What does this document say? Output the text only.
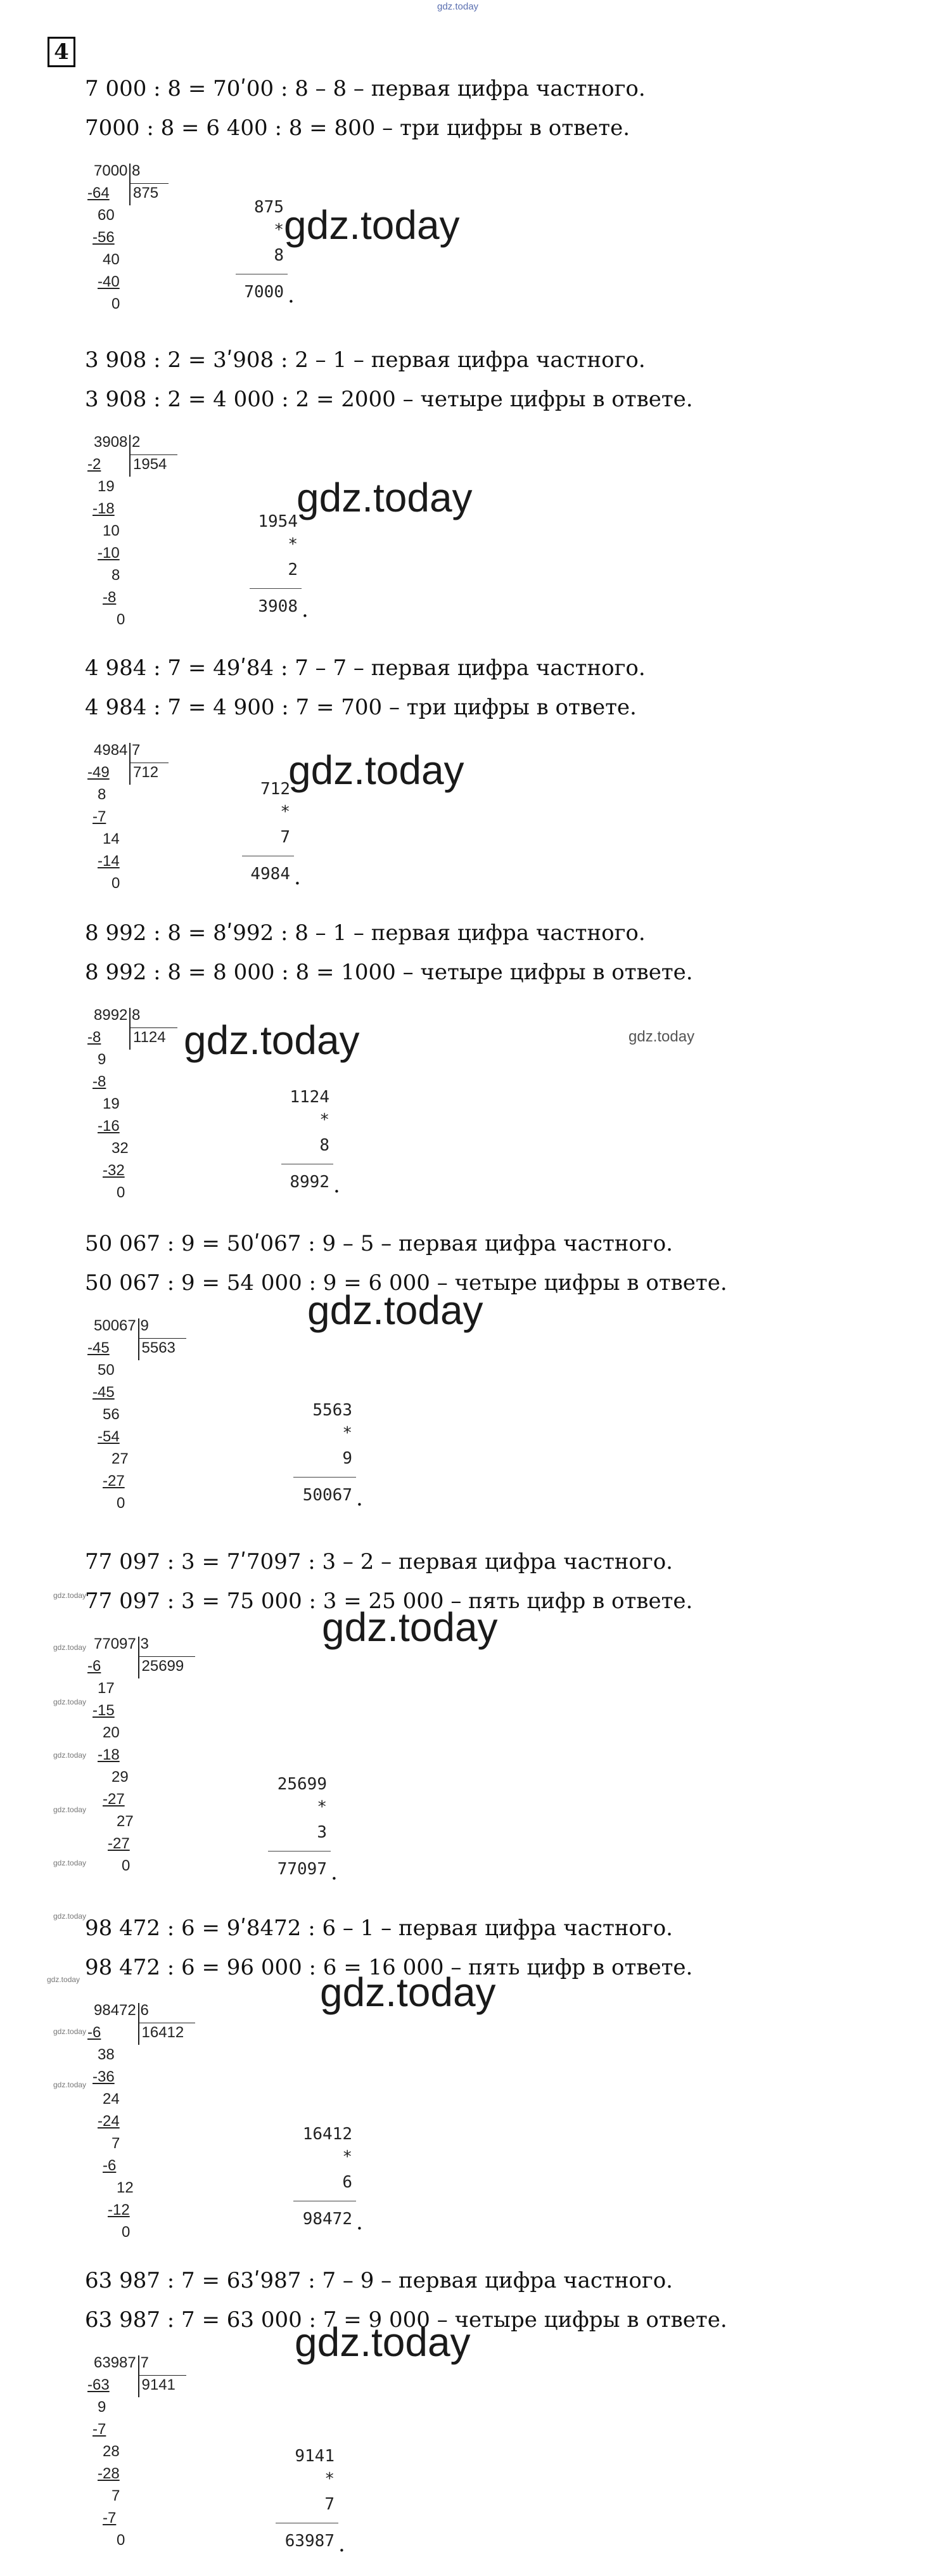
gdz.today
4
7 000 : 8 = 70ʹ00 : 8 – 8 – первая цифра частного.
7000 : 8 = 6 400 : 8 = 800 – три цифры в ответе.
7000 8
875
-64
60
-56
40
-40
0
875
*
8
7000 .
gdz.today
3 908 : 2 = 3ʹ908 : 2 – 1 – первая цифра частного.
3 908 : 2 = 4 000 : 2 = 2000 – четыре цифры в ответе.
3908 2
1954
-2
19
-18
10
-10
8
-8
0
1954
*
2
3908 .
gdz.today
4 984 : 7 = 49ʹ84 : 7 – 7 – первая цифра частного.
4 984 : 7 = 4 900 : 7 = 700 – три цифры в ответе.
4984 7
712
-49
8
-7
14
-14
0
712
*
7
4984 .
gdz.today
8 992 : 8 = 8ʹ992 : 8 – 1 – первая цифра частного.
8 992 : 8 = 8 000 : 8 = 1000 – четыре цифры в ответе.
8992 8
1124
-8
9
-8
19
-16
32
-32
0
1124
*
8
8992 .
gdz.today
50 067 : 9 = 50ʹ067 : 9 – 5 – первая цифра частного.
50 067 : 9 = 54 000 : 9 = 6 000 – четыре цифры в ответе.
50067 9
5563
-45
50
-45
56
-54
27
-27
0
5563
*
9
50067 .
gdz.today
77 097 : 3 = 7ʹ7097 : 3 – 2 – первая цифра частного.
77 097 : 3 = 75 000 : 3 = 25 000 – пять цифр в ответе.
77097 3
25699
-6
17
-15
20
-18
29
-27
27
-27
0
25699
*
3
77097 .
gdz.today
98 472 : 6 = 9ʹ8472 : 6 – 1 – первая цифра частного.
98 472 : 6 = 96 000 : 6 = 16 000 – пять цифр в ответе.
98472 6
16412
-6
38
-36
24
-24
7
-6
12
-12
0
16412
*
6
98472 .
gdz.today
63 987 : 7 = 63ʹ987 : 7 – 9 – первая цифра частного.
63 987 : 7 = 63 000 : 7 = 9 000 – четыре цифры в ответе.
63987 7
9141
-63
9
-7
28
-28
7
-7
0
9141
*
7
63987 .
gdz.today
gdz.today
gdz.today
gdz.today
gdz.today
gdz.today
gdz.today
gdz.today
gdz.today
gdz.today
gdz.today
gdz.today
